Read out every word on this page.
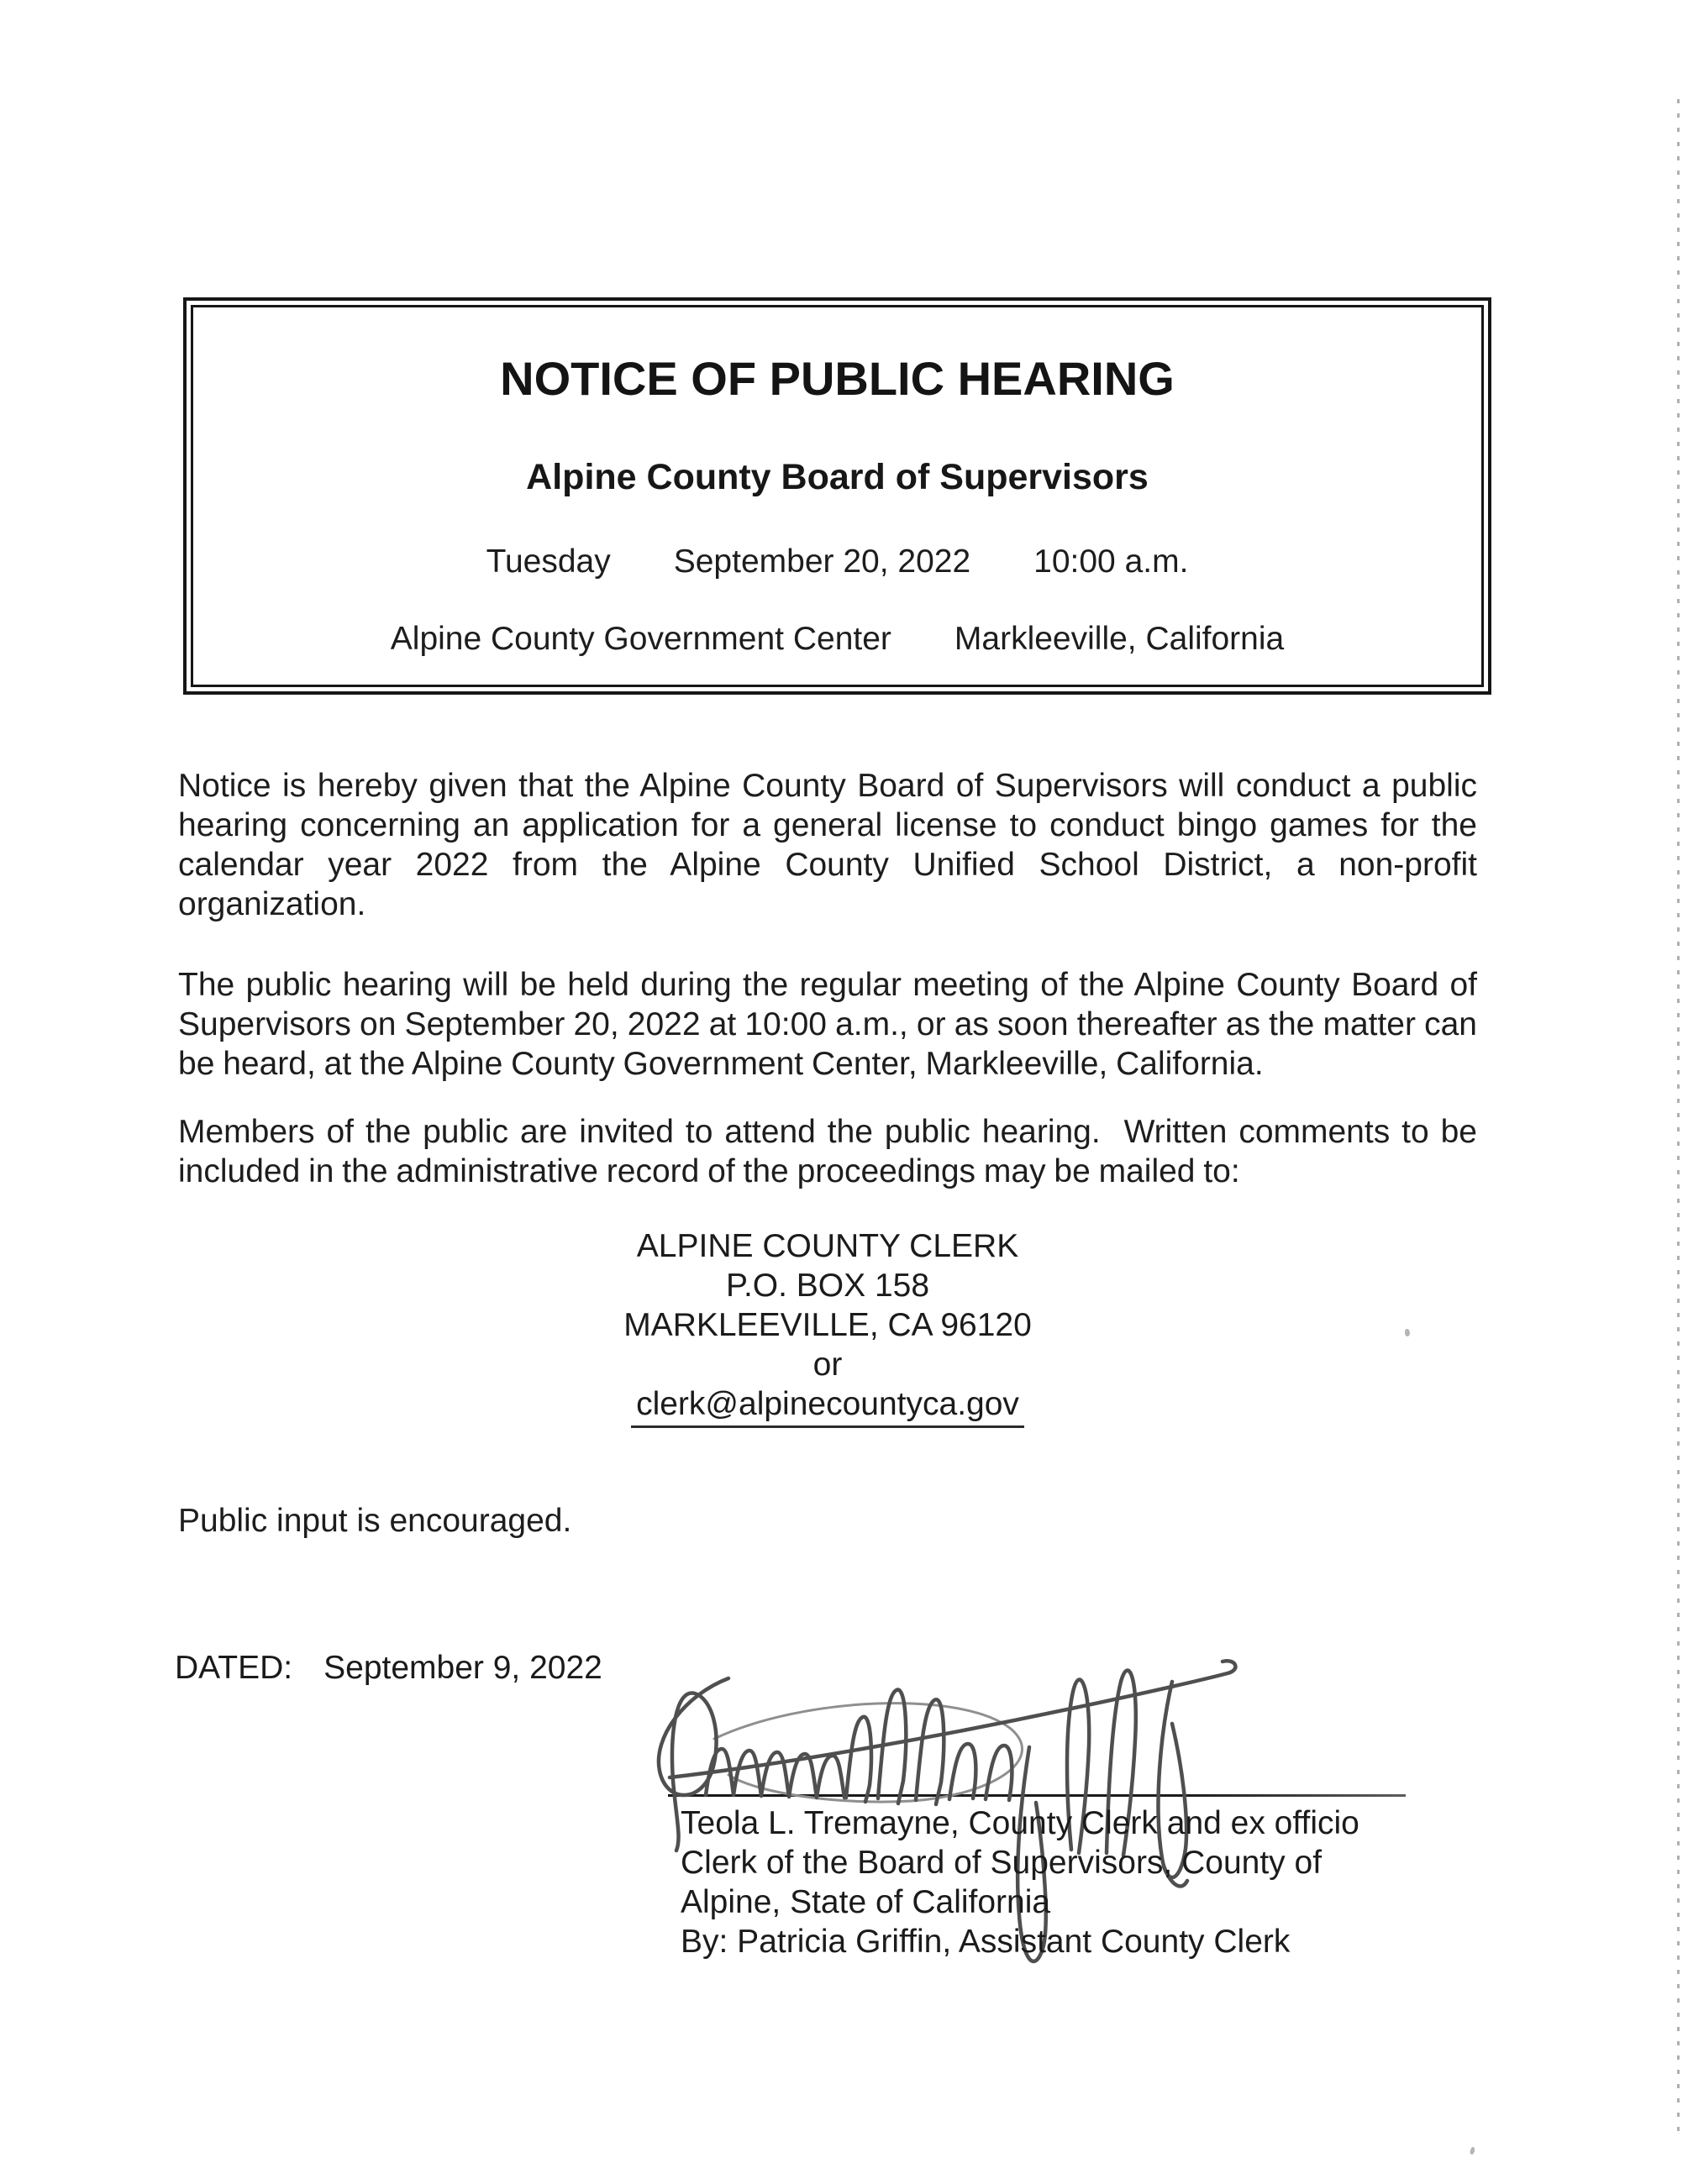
NOTICE OF PUBLIC HEARING
Alpine County Board of Supervisors
Tuesday September 20, 2022 10:00 a.m.
Alpine County Government Center Markleeville, California
Notice is hereby given that the Alpine County Board of Supervisors will conduct a public
hearing concerning an application for a general license to conduct bingo games for the
calendar year 2022 from the Alpine County Unified School District, a non-profit
organization.
The public hearing will be held during the regular meeting of the Alpine County Board of
Supervisors on September 20, 2022 at 10:00 a.m., or as soon thereafter as the matter can
be heard, at the Alpine County Government Center, Markleeville, California.
Members of the public are invited to attend the public hearing.  Written comments to be
included in the administrative record of the proceedings may be mailed to:
ALPINE COUNTY CLERK
P.O. BOX 158
MARKLEEVILLE, CA 96120
or
clerk@alpinecountyca.gov
Public input is encouraged.
DATED: September 9, 2022
Teola L. Tremayne, County Clerk and ex officio
Clerk of the Board of Supervisors, County of
Alpine, State of California
By: Patricia Griffin, Assistant County Clerk
